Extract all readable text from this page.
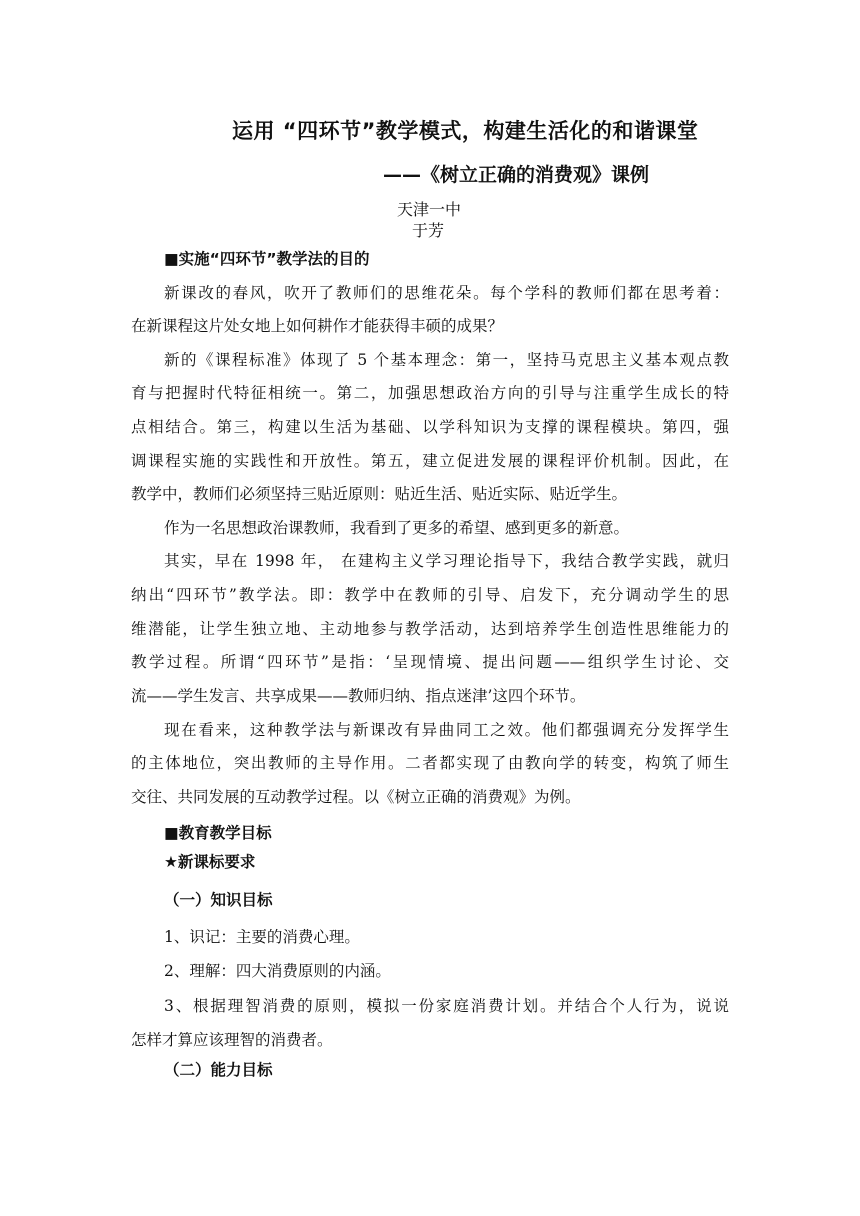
运用 “四环节”教学模式，构建生活化的和谐课堂
——《树立正确的消费观》课例
天津一中
于芳
■实施“四环节”教学法的目的
新课改的春风，吹开了教师们的思维花朵。每个学科的教师们都在思考着：
在新课程这片处女地上如何耕作才能获得丰硕的成果？
新的《课程标准》体现了 5 个基本理念：第一，坚持马克思主义基本观点教
育与把握时代特征相统一。第二，加强思想政治方向的引导与注重学生成长的特
点相结合。第三，构建以生活为基础、以学科知识为支撑的课程模块。第四，强
调课程实施的实践性和开放性。第五，建立促进发展的课程评价机制。因此，在
教学中，教师们必须坚持三贴近原则：贴近生活、贴近实际、贴近学生。
作为一名思想政治课教师，我看到了更多的希望、感到更多的新意。
其实，早在 1998 年， 在建构主义学习理论指导下，我结合教学实践，就归
纳出“四环节”教学法。即：教学中在教师的引导、启发下，充分调动学生的思
维潜能，让学生独立地、主动地参与教学活动，达到培养学生创造性思维能力的
教学过程。所谓“四环节”是指：‘呈现情境、提出问题——组织学生讨论、交
流——学生发言、共享成果——教师归纳、指点迷津’这四个环节。
现在看来，这种教学法与新课改有异曲同工之效。他们都强调充分发挥学生
的主体地位，突出教师的主导作用。二者都实现了由教向学的转变，构筑了师生
交往、共同发展的互动教学过程。以《树立正确的消费观》为例。
■教育教学目标
★新课标要求
（一）知识目标
1、识记：主要的消费心理。
2、理解：四大消费原则的内涵。
3、根据理智消费的原则，模拟一份家庭消费计划。并结合个人行为，说说
怎样才算应该理智的消费者。
（二）能力目标
